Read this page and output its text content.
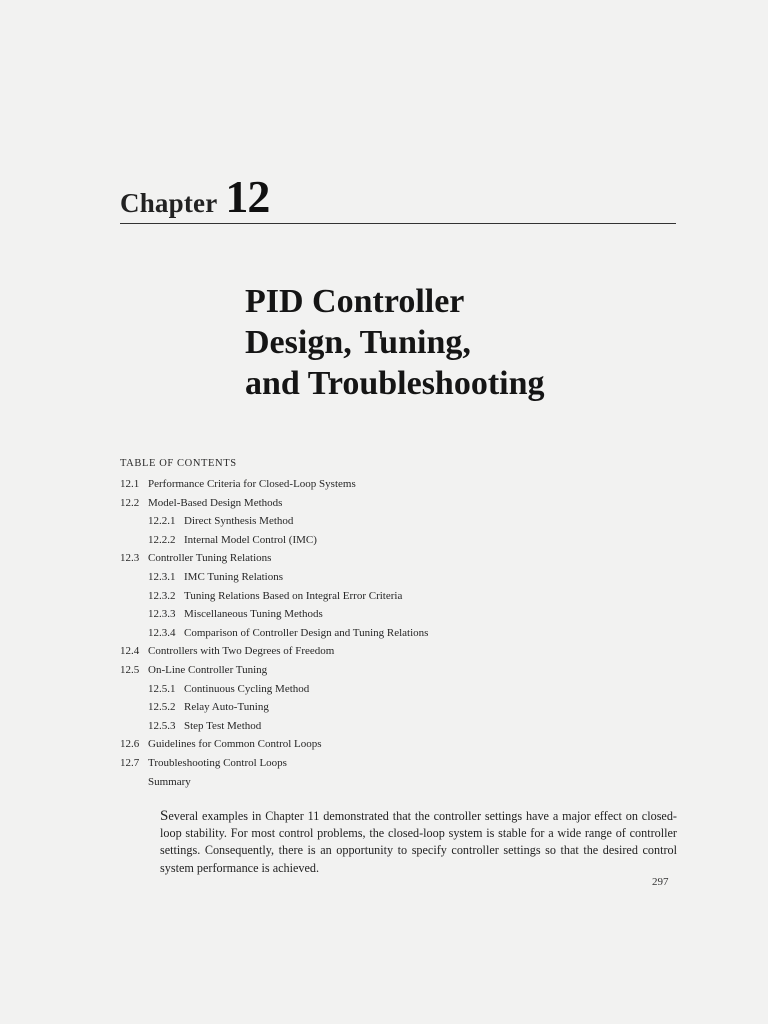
Chapter 12
PID Controller
Design, Tuning,
and Troubleshooting
TABLE OF CONTENTS
12.1 Performance Criteria for Closed-Loop Systems
12.2 Model-Based Design Methods
12.2.1 Direct Synthesis Method
12.2.2 Internal Model Control (IMC)
12.3 Controller Tuning Relations
12.3.1 IMC Tuning Relations
12.3.2 Tuning Relations Based on Integral Error Criteria
12.3.3 Miscellaneous Tuning Methods
12.3.4 Comparison of Controller Design and Tuning Relations
12.4 Controllers with Two Degrees of Freedom
12.5 On-Line Controller Tuning
12.5.1 Continuous Cycling Method
12.5.2 Relay Auto-Tuning
12.5.3 Step Test Method
12.6 Guidelines for Common Control Loops
12.7 Troubleshooting Control Loops
Summary
Several examples in Chapter 11 demonstrated that the controller settings have a major effect on closed-loop stability. For most control problems, the closed-loop system is stable for a wide range of controller settings. Consequently, there is an opportunity to specify controller settings so that the desired control system performance is achieved.
297
